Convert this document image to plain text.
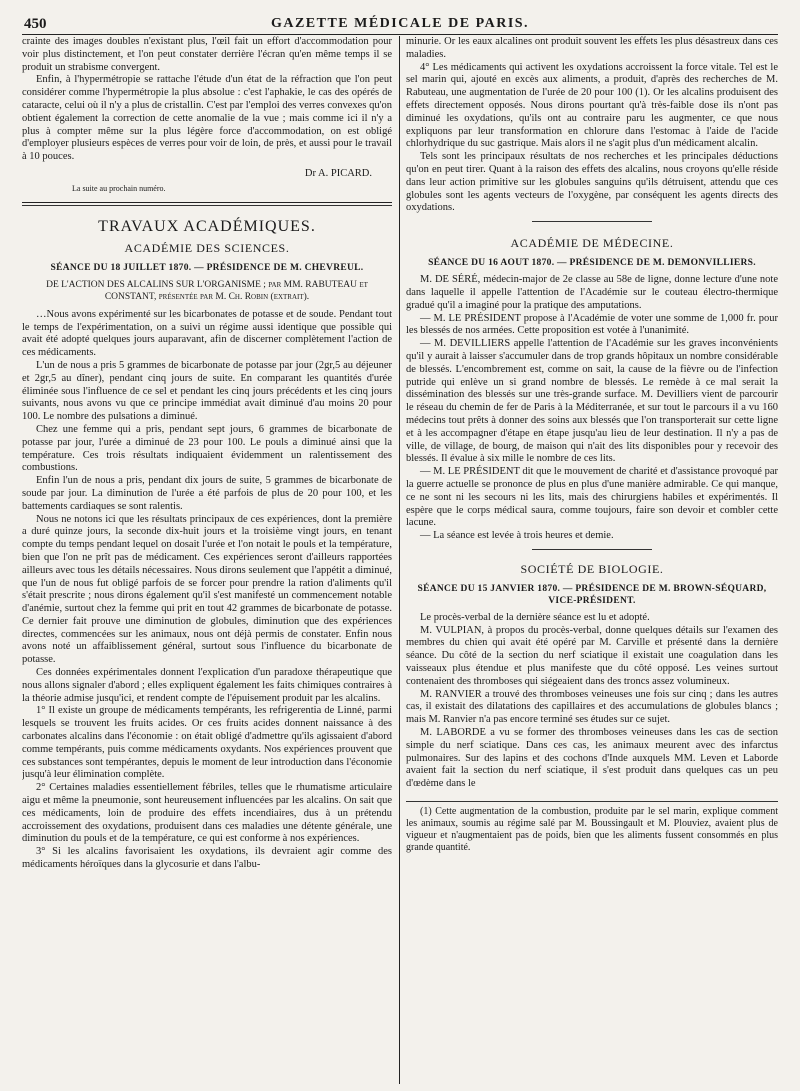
450	GAZETTE MÉDICALE DE PARIS.

crainte des images doubles n'existant plus, l'œil fait un effort d'accommodation pour voir plus distinctement, et l'on peut constater derrière l'écran qu'en même temps il se produit un strabisme convergent.

Enfin, à l'hypermétropie se rattache l'étude d'un état de la réfraction que l'on peut considérer comme l'hypermétropie la plus absolue : c'est l'aphakie, le cas des opérés de cataracte, celui où il n'y a plus de cristallin. C'est par l'emploi des verres convexes qu'on obtient également la correction de cette anomalie de la vue ; mais comme ici il n'y a plus à compter même sur la plus légère force d'accommodation, on est obligé d'employer plusieurs espèces de verres pour voir de loin, de près, et aussi pour le travail à 10 pouces.

Dr A. PICARD.

La suite au prochain numéro.

TRAVAUX ACADÉMIQUES.
ACADÉMIE DES SCIENCES.
SÉANCE DU 18 JUILLET 1870. — PRÉSIDENCE DE M. CHEVREUL.
DE L'ACTION DES ALCALINS SUR L'ORGANISME ; par MM. RABUTEAU et CONSTANT, présentée par M. Ch. Robin (extrait).

…Nous avons expérimenté sur les bicarbonates de potasse et de soude. Pendant tout le temps de l'expérimentation, on a suivi un régime aussi identique que possible qui avait été adopté quelques jours auparavant, afin de discerner complètement l'action de ces médicaments.

L'un de nous a pris 5 grammes de bicarbonate de potasse par jour (2gr,5 au déjeuner et 2gr,5 au dîner), pendant cinq jours de suite. En comparant les quantités d'urée éliminée sous l'influence de ce sel et pendant les cinq jours précédents et les cinq jours suivants, nous avons vu que ce principe immédiat avait diminué d'au moins 20 pour 100. Le nombre des pulsations a diminué.

Chez une femme qui a pris, pendant sept jours, 6 grammes de bicarbonate de potasse par jour, l'urée a diminué de 23 pour 100. Le pouls a diminué ainsi que la température. Ces trois résultats indiquaient évidemment un ralentissement des combustions.

Enfin l'un de nous a pris, pendant dix jours de suite, 5 grammes de bicarbonate de soude par jour. La diminution de l'urée a été parfois de plus de 20 pour 100, et les battements cardiaques se sont ralentis.

Nous ne notons ici que les résultats principaux de ces expériences, dont la première a duré quinze jours, la seconde dix-huit jours et la troisième vingt jours, en tenant compte du temps pendant lequel on dosait l'urée et l'on notait le pouls et la température, bien que l'on ne prît pas de médicament. Ces expériences seront d'ailleurs rapportées ailleurs avec tous les détails nécessaires. Nous dirons seulement que l'appétit a diminué, que l'un de nous fut obligé parfois de se forcer pour prendre la ration d'aliments qu'il s'était prescrite ; nous dirons également qu'il s'est manifesté un commencement notable d'anémie, surtout chez la femme qui prit en tout 42 grammes de bicarbonate de potasse. Ce dernier fait prouve une diminution de globules, diminution que des expériences directes, commencées sur les animaux, nous ont déjà permis de constater. Enfin nous avons noté un affaiblissement général, surtout sous l'influence du bicarbonate de potasse.

Ces données expérimentales donnent l'explication d'un paradoxe thérapeutique que nous allons signaler d'abord ; elles expliquent également les faits chimiques contraires à la théorie admise jusqu'ici, et rendent compte de l'épuisement produit par les alcalins.

1° Il existe un groupe de médicaments tempérants, les refrigerentia de Linné, parmi lesquels se trouvent les fruits acides. Or ces fruits acides donnent naissance à des carbonates alcalins dans l'économie : on était obligé d'admettre qu'ils agissaient d'abord comme tempérants, puis comme médicaments oxydants. Nos expériences prouvent que ces substances sont tempérantes, depuis le moment de leur introduction dans l'économie jusqu'à leur élimination complète.

2° Certaines maladies essentiellement fébriles, telles que le rhumatisme articulaire aigu et même la pneumonie, sont heureusement influencées par les alcalins. On sait que ces médicaments, loin de produire des effets incendiaires, dus à un prétendu accroissement des oxydations, produisent dans ces maladies une détente générale, une diminution du pouls et de la température, ce qui est conforme à nos expériences.

3° Si les alcalins favorisaient les oxydations, ils devraient agir comme des médicaments héroïques dans la glycosurie et dans l'albu-

minurie. Or les eaux alcalines ont produit souvent les effets les plus désastreux dans ces maladies.

4° Les médicaments qui activent les oxydations accroissent la force vitale. Tel est le sel marin qui, ajouté en excès aux aliments, a produit, d'après des recherches de M. Rabuteau, une augmentation de l'urée de 20 pour 100 (1). Or les alcalins produisent des effets directement opposés. Nous dirons pourtant qu'à très-faible dose ils n'ont pas diminué les oxydations, qu'ils ont au contraire paru les augmenter, ce que nous expliquons par leur transformation en chlorure dans l'estomac à l'aide de l'acide chlorhydrique du suc gastrique. Mais alors il ne s'agit plus d'un médicament alcalin.

Tels sont les principaux résultats de nos recherches et les principales déductions qu'on en peut tirer. Quant à la raison des effets des alcalins, nous croyons qu'elle réside dans leur action primitive sur les globules sanguins qu'ils détruisent, attendu que ces globules sont les agents vecteurs de l'oxygène, par conséquent les agents directs des oxydations.

ACADÉMIE DE MÉDECINE.
SÉANCE DU 16 AOUT 1870. — PRÉSIDENCE DE M. DEMONVILLIERS.

M. DE SÉRÉ, médecin-major de 2e classe au 58e de ligne, donne lecture d'une note dans laquelle il appelle l'attention de l'Académie sur le couteau électro-thermique gradué qu'il a imaginé pour la pratique des amputations.

— M. LE PRÉSIDENT propose à l'Académie de voter une somme de 1,000 fr. pour les blessés de nos armées. Cette proposition est votée à l'unanimité.

— M. DEVILLIERS appelle l'attention de l'Académie sur les graves inconvénients qu'il y aurait à laisser s'accumuler dans de trop grands hôpitaux un nombre considérable de blessés. L'encombrement est, comme on sait, la cause de la fièvre ou de l'infection putride qui enlève un si grand nombre de blessés. Le remède à ce mal serait la dissémination des blessés sur une très-grande surface. M. Devilliers vient de parcourir le réseau du chemin de fer de Paris à la Méditerranée, et sur tout le parcours il a vu 160 médecins tout prêts à donner des soins aux blessés que l'on transporterait sur cette ligne et à les accompagner d'étape en étape jusqu'au lieu de leur destination. Il n'y a pas de ville, de village, de bourg, de maison qui n'ait des lits disponibles pour y recevoir des blessés. Il évalue à six mille le nombre de ces lits.

— M. LE PRÉSIDENT dit que le mouvement de charité et d'assistance provoqué par la guerre actuelle se prononce de plus en plus d'une manière admirable. Ce qui manque, ce ne sont ni les secours ni les lits, mais des chirurgiens habiles et expérimentés. Il espère que le corps médical saura, comme toujours, faire son devoir et combler cette lacune.

— La séance est levée à trois heures et demie.

SOCIÉTÉ DE BIOLOGIE.
SÉANCE DU 15 JANVIER 1870. — PRÉSIDENCE DE M. BROWN-SÉQUARD, VICE-PRÉSIDENT.

Le procès-verbal de la dernière séance est lu et adopté.

M. VULPIAN, à propos du procès-verbal, donne quelques détails sur l'examen des membres du chien qui avait été opéré par M. Carville et présenté dans la dernière séance. Du côté de la section du nerf sciatique il existait une coagulation dans les vaisseaux plus étendue et plus manifeste que du côté opposé. Les veines surtout contenaient des thromboses qui siégeaient dans des troncs assez volumineux.

M. RANVIER a trouvé des thromboses veineuses une fois sur cinq ; dans les autres cas, il existait des dilatations des capillaires et des accumulations de globules blancs ; mais M. Ranvier n'a pas encore terminé ses études sur ce sujet.

M. LABORDE a vu se former des thromboses veineuses dans les cas de section simple du nerf sciatique. Dans ces cas, les animaux meurent avec des infarctus pulmonaires. Sur des lapins et des cochons d'Inde auxquels MM. Leven et Laborde avaient fait la section du nerf sciatique, il s'est produit dans quelques cas un peu d'œdème dans le

(1) Cette augmentation de la combustion, produite par le sel marin, explique comment les animaux, soumis au régime salé par M. Boussingault et M. Plouviez, avaient plus de vigueur et n'augmentaient pas de poids, bien que les aliments fussent consommés en plus grande quantité.
